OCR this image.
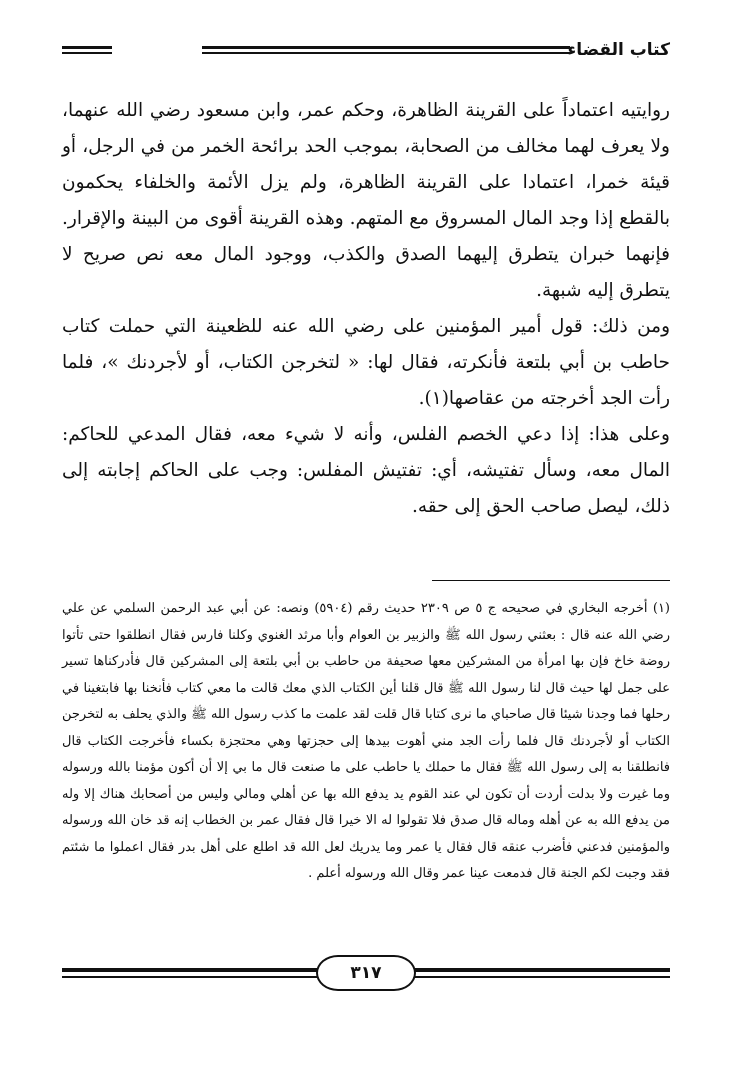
كتاب القضاء

روايتيه اعتماداً على القرينة الظاهرة، وحكم عمر، وابن مسعود رضي الله عنهما، ولا يعرف لهما مخالف من الصحابة، بموجب الحد برائحة الخمر من في الرجل، أو قيئة خمرا، اعتمادا على القرينة الظاهرة، ولم يزل الأئمة والخلفاء يحكمون بالقطع إذا وجد المال المسروق مع المتهم. وهذه القرينة أقوى من البينة والإقرار. فإنهما خبران يتطرق إليهما الصدق والكذب، ووجود المال معه نص صريح لا يتطرق إليه شبهة.

ومن ذلك: قول أمير المؤمنين على رضي الله عنه للظعينة التي حملت كتاب حاطب بن أبي بلتعة فأنكرته، فقال لها: « لتخرجن الكتاب، أو لأجردنك »، فلما رأت الجد أخرجته من عقاصها(١).

وعلى هذا: إذا دعي الخصم الفلس، وأنه لا شيء معه، فقال المدعي للحاكم: المال معه، وسأل تفتيشه، أي: تفتيش المفلس: وجب على الحاكم إجابته إلى ذلك، ليصل صاحب الحق إلى حقه.

(١) أخرجه البخاري في صحيحه ج ٥ ص ٢٣٠٩ حديث رقم (٥٩٠٤) ونصه: عن أبي عبد الرحمن السلمي عن علي رضي الله عنه قال : بعثني رسول الله ﷺ والزبير بن العوام وأبا مرثد الغنوي وكلنا فارس فقال انطلقوا حتى تأتوا روضة خاخ فإن بها امرأة من المشركين معها صحيفة من حاطب بن أبي بلتعة إلى المشركين قال فأدركناها تسير على جمل لها حيث قال لنا رسول الله ﷺ قال قلنا أين الكتاب الذي معك قالت ما معي كتاب فأنخنا بها فابتغينا في رحلها فما وجدنا شيئا قال صاحباي ما نرى كتابا قال قلت لقد علمت ما كذب رسول الله ﷺ والذي يحلف به لتخرجن الكتاب أو لأجردنك قال فلما رأت الجد مني أهوت بيدها إلى حجزتها وهي محتجزة بكساء فأخرجت الكتاب قال فانطلقنا به إلى رسول الله ﷺ فقال ما حملك يا حاطب على ما صنعت قال ما بي إلا أن أكون مؤمنا بالله ورسوله وما غيرت ولا بدلت أردت أن تكون لي عند القوم يد يدفع الله بها عن أهلي ومالي وليس من أصحابك هناك إلا وله من يدفع الله به عن أهله وماله قال صدق فلا تقولوا له الا خيرا قال فقال عمر بن الخطاب إنه قد خان الله ورسوله والمؤمنين فدعني فأضرب عنقه قال فقال يا عمر وما يدريك لعل الله قد اطلع على أهل بدر فقال اعملوا ما شئتم فقد وجبت لكم الجنة قال فدمعت عينا عمر وقال الله ورسوله أعلم .

٣١٧
